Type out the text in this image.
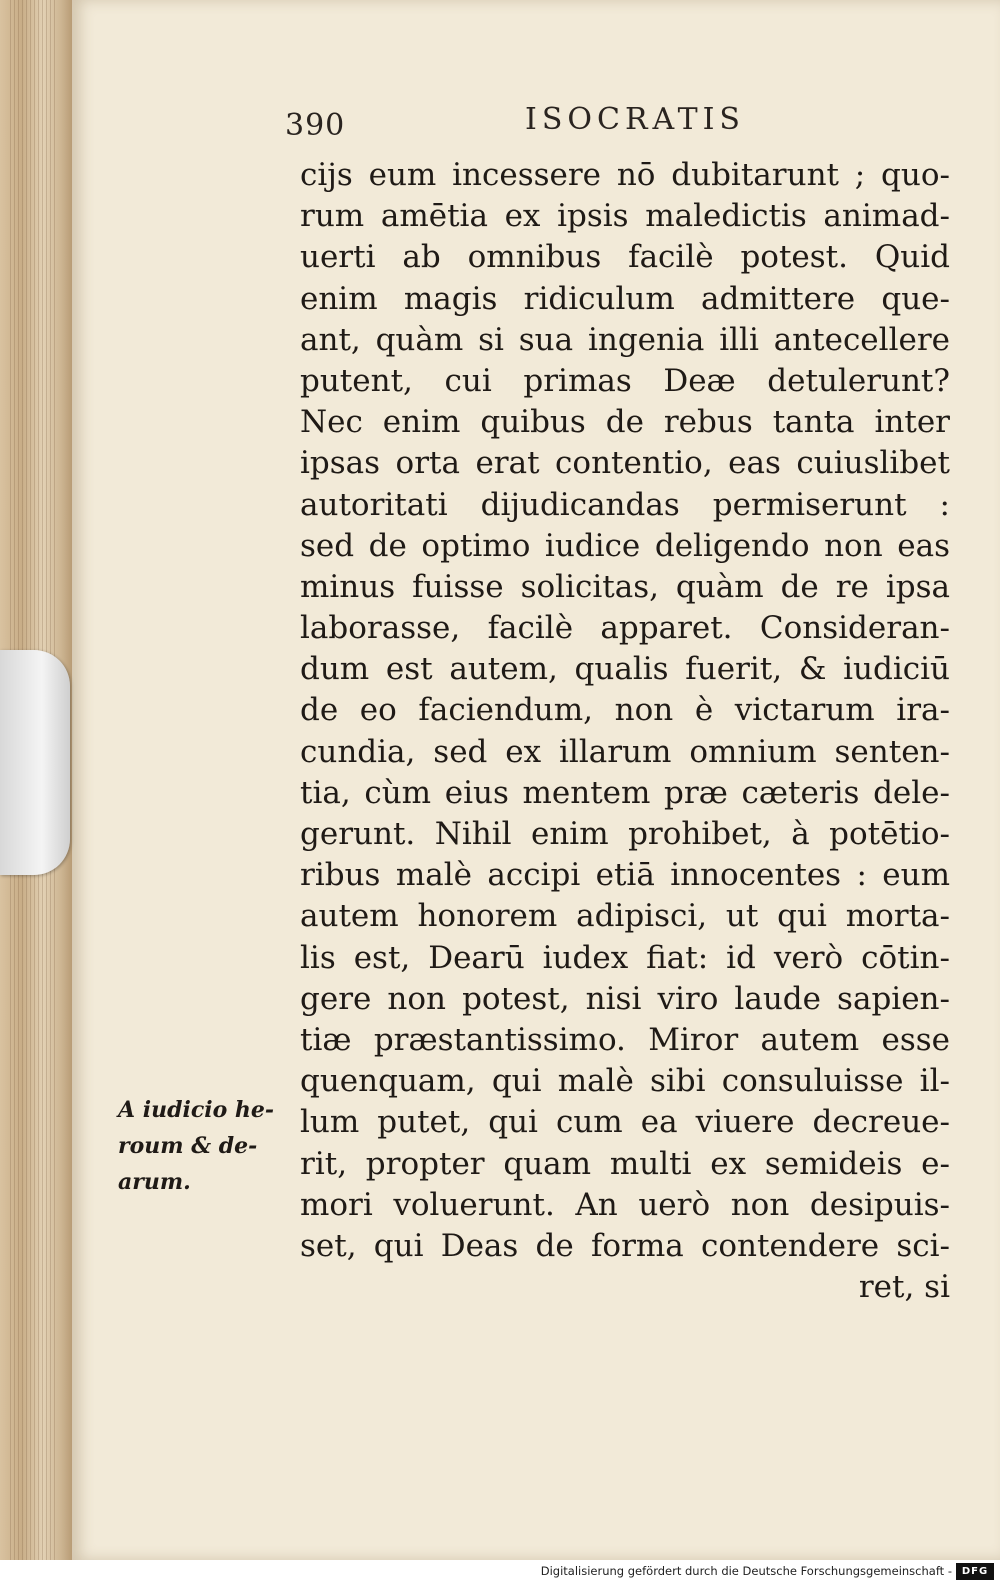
390	ISOCRATIS
cijs eum incessere nō dubitarunt ; quo-
rum amētia ex ipsis maledictis animad-
uerti ab omnibus facilè potest. Quid
enim magis ridiculum admittere que-
ant, quàm si sua ingenia illi antecellere
putent, cui primas Deæ detulerunt?
Nec enim quibus de rebus tanta inter
ipsas orta erat contentio, eas cuiuslibet
autoritati dijudicandas permiserunt :
sed de optimo iudice deligendo non eas
minus fuisse solicitas, quàm de re ipsa
laborasse, facilè apparet. Consideran-
dum est autem, qualis fuerit, & iudiciū
de eo faciendum, non è victarum ira-
cundia, sed ex illarum omnium senten-
tia, cùm eius mentem præ cæteris dele-
gerunt. Nihil enim prohibet, à potētio-
ribus malè accipi etiā innocentes : eum
autem honorem adipisci, ut qui morta-
lis est, Dearū iudex fiat: id verò cōtin-
gere non potest, nisi viro laude sapien-
tiæ præstantissimo. Miror autem esse
quenquam, qui malè sibi consuluisse il-
lum putet, qui cum ea viuere decreue-
rit, propter quam multi ex semideis e-
mori voluerunt. An uerò non desipuis-
set, qui Deas de forma contendere sci-
ret, si
A iudicio he-
roum & de-
arum.
Digitalisierung gefördert durch die Deutsche Forschungsgemeinschaft - DFG
